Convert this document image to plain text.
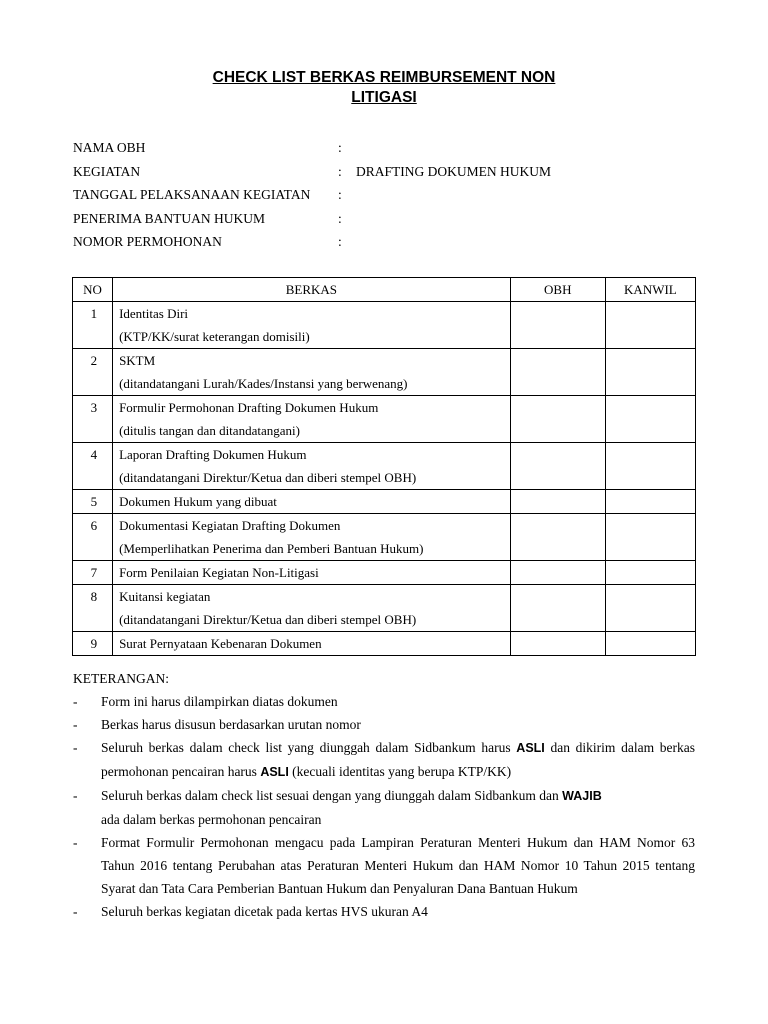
CHECK LIST BERKAS REIMBURSEMENT NON
LITIGASI
NAMA OBH	:
KEGIATAN	: DRAFTING DOKUMEN HUKUM
TANGGAL PELAKSANAAN KEGIATAN :
PENERIMA BANTUAN HUKUM	:
NOMOR PERMOHONAN	:
NO	BERKAS	OBH	KANWIL
1	Identitas Diri
(KTP/KK/surat keterangan domisili)		

2	SKTM
(ditandatangani Lurah/Kades/Instansi yang berwenang)		

3	Formulir Permohonan Drafting Dokumen Hukum
(ditulis tangan dan ditandatangani)		

4	Laporan Drafting Dokumen Hukum
(ditandatangani Direktur/Ketua dan diberi stempel OBH)		

5	Dokumen Hukum yang dibuat		

6	Dokumentasi Kegiatan Drafting Dokumen
(Memperlihatkan Penerima dan Pemberi Bantuan Hukum)		

7	Form Penilaian Kegiatan Non-Litigasi		

8	Kuitansi kegiatan
(ditandatangani Direktur/Ketua dan diberi stempel OBH)		

9	Surat Pernyataan Kebenaran Dokumen		

KETERANGAN:
- Form ini harus dilampirkan diatas dokumen
- Berkas harus disusun berdasarkan urutan nomor
- Seluruh berkas dalam check list yang diunggah dalam Sidbankum harus ASLI dan dikirim dalam berkas permohonan pencairan harus ASLI (kecuali identitas yang berupa KTP/KK)
- Seluruh berkas dalam check list sesuai dengan yang diunggah dalam Sidbankum dan WAJIB
ada dalam berkas permohonan pencairan
- Format Formulir Permohonan mengacu pada Lampiran Peraturan Menteri Hukum dan HAM Nomor 63 Tahun 2016 tentang Perubahan atas Peraturan Menteri Hukum dan HAM Nomor 10 Tahun 2015 tentang Syarat dan Tata Cara Pemberian Bantuan Hukum dan Penyaluran Dana Bantuan Hukum
- Seluruh berkas kegiatan dicetak pada kertas HVS ukuran A4
